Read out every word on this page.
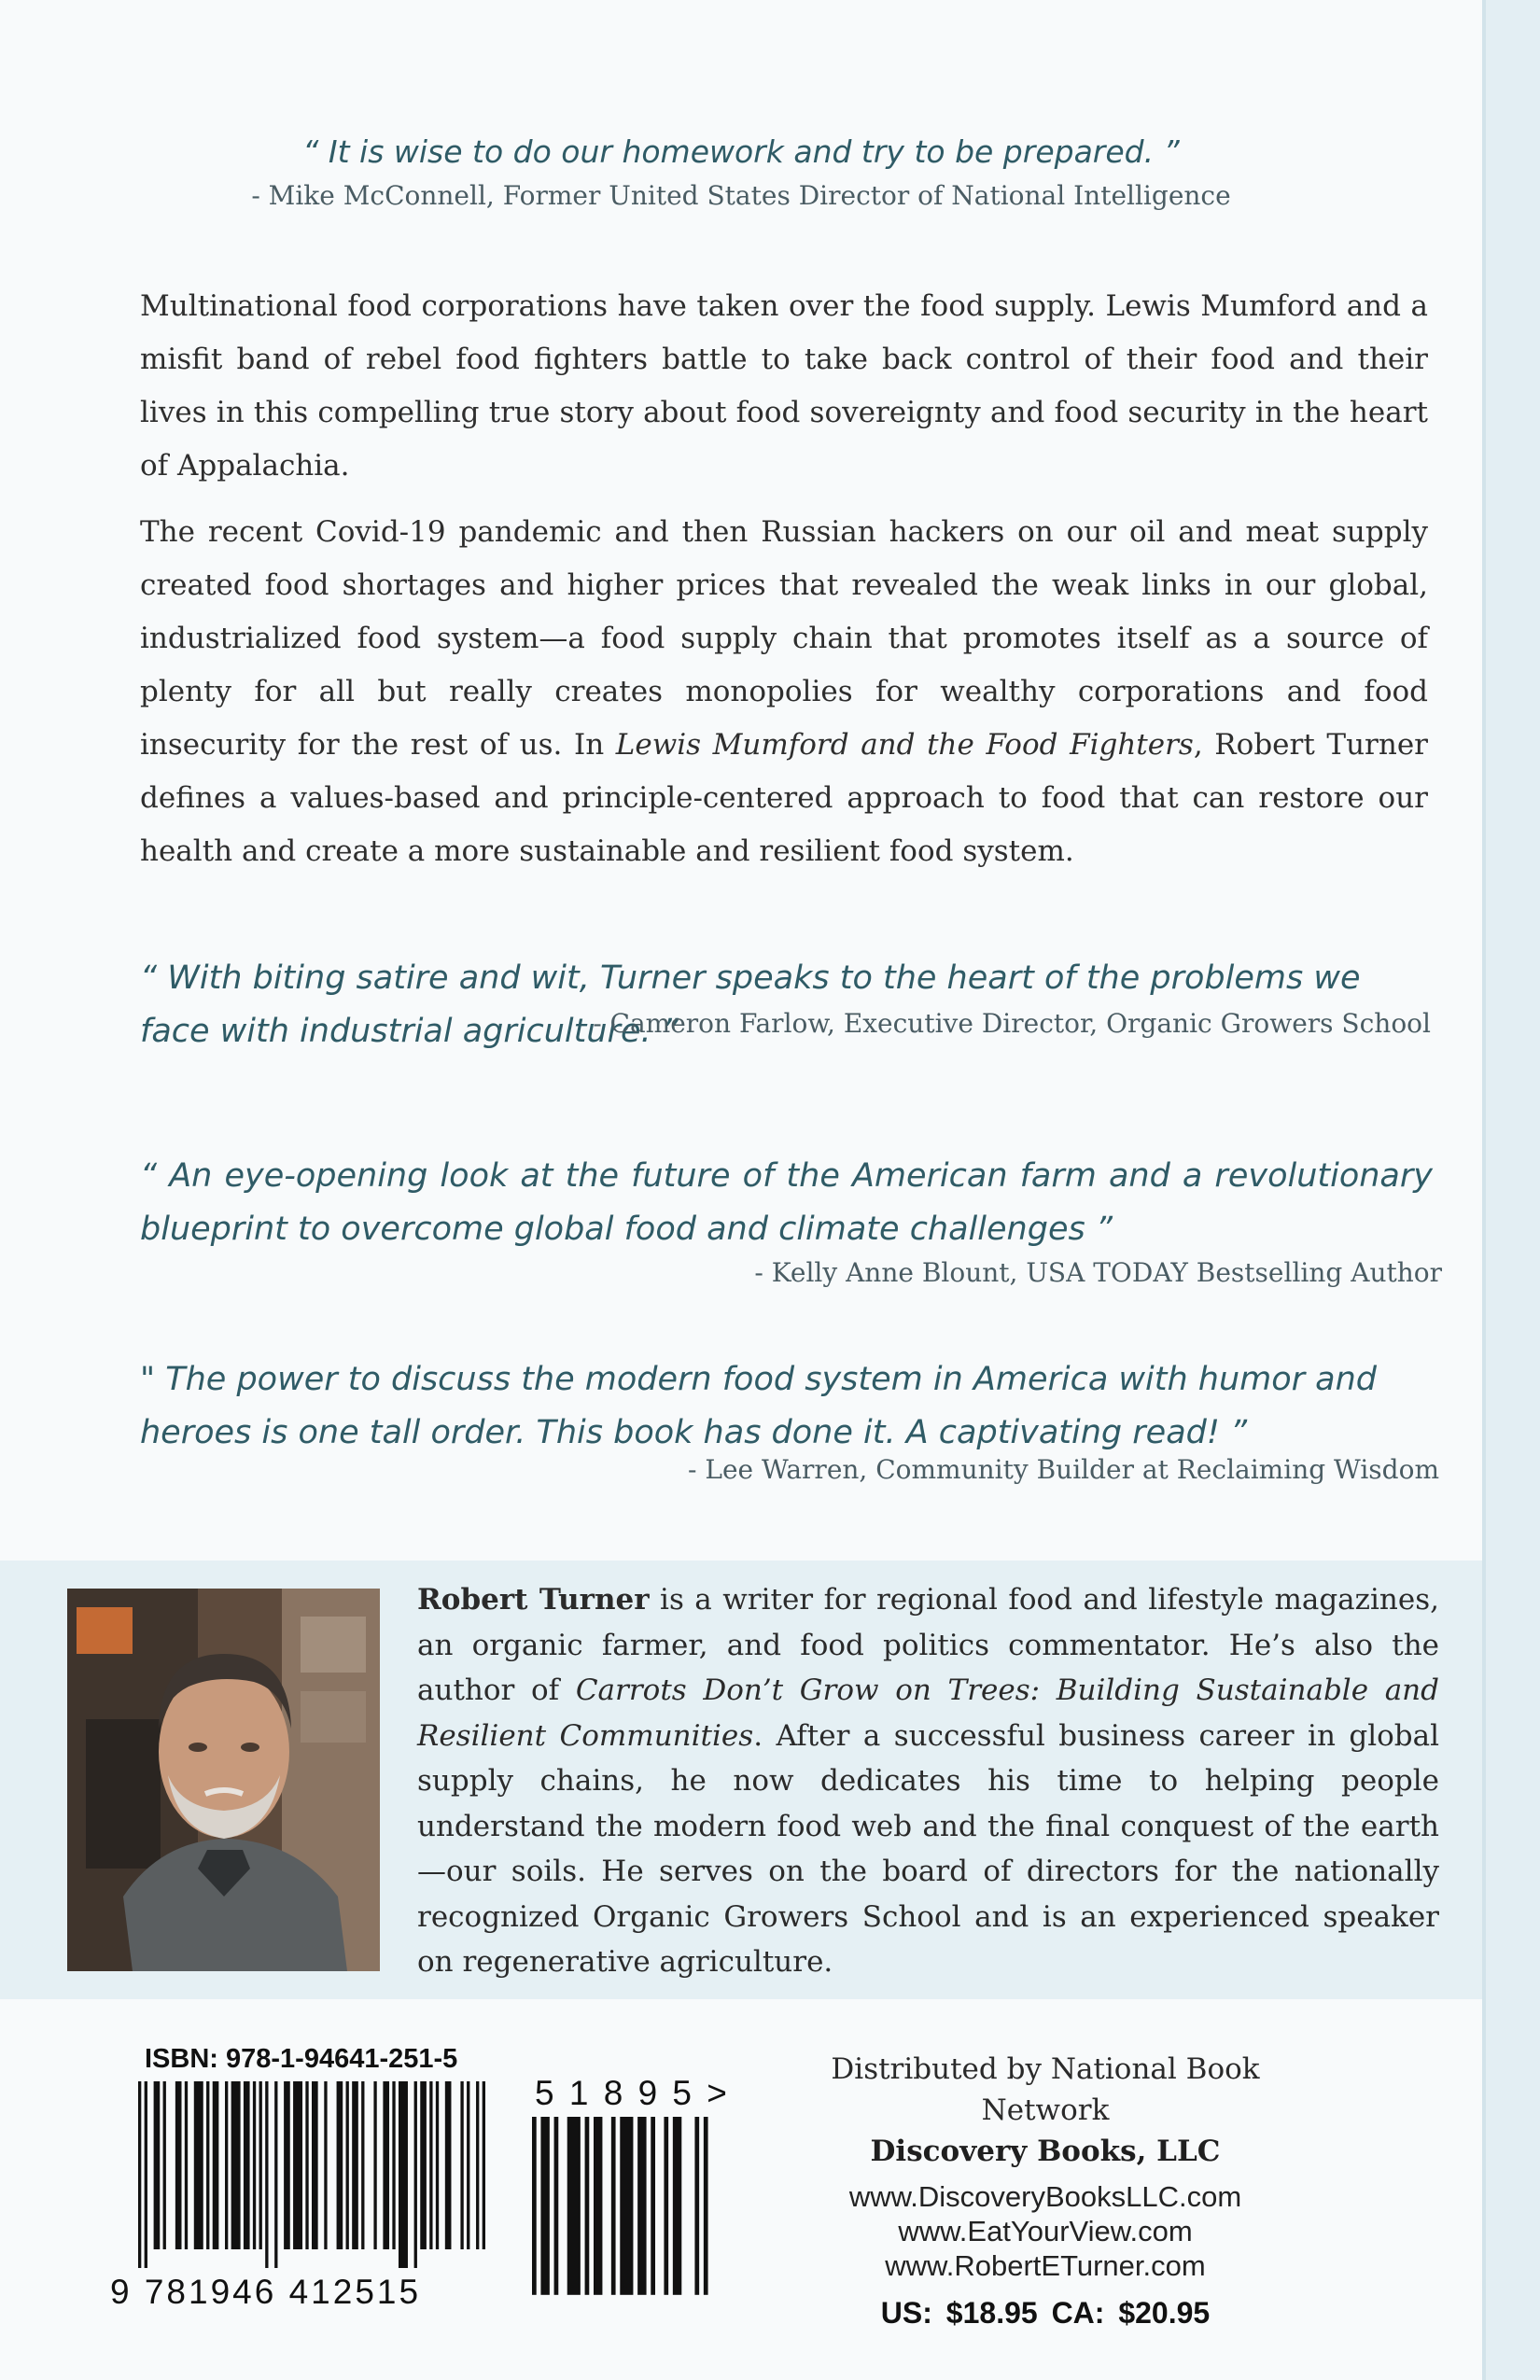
“ It is wise to do our homework and try to be prepared. ”
- Mike McConnell, Former United States Director of National Intelligence
Multinational food corporations have taken over the food supply. Lewis Mumford and a misfit band of rebel food fighters battle to take back control of their food and their lives in this compelling true story about food sovereignty and food security in the heart of Appalachia.
The recent Covid-19 pandemic and then Russian hackers on our oil and meat supply created food shortages and higher prices that revealed the weak links in our global, industrialized food system—a food supply chain that promotes itself as a source of plenty for all but really creates monopolies for wealthy corporations and food insecurity for the rest of us. In Lewis Mumford and the Food Fighters, Robert Turner defines a values-based and principle-centered approach to food that can restore our health and create a more sustainable and resilient food system.
“ With biting satire and wit, Turner speaks to the heart of the problems we face with industrial agriculture. ”
- Cameron Farlow, Executive Director, Organic Growers School
“ An eye-opening look at the future of the American farm and a revolutionary blueprint to overcome global food and climate challenges ”
- Kelly Anne Blount, USA TODAY Bestselling Author
" The power to discuss the modern food system in America with humor and heroes is one tall order. This book has done it. A captivating read! ”
- Lee Warren, Community Builder at Reclaiming Wisdom
Robert Turner is a writer for regional food and lifestyle magazines, an organic farmer, and food politics commentator. He’s also the author of Carrots Don’t Grow on Trees: Building Sustainable and Resilient Communities. After a successful business career in global supply chains, he now dedicates his time to helping people understand the modern food web and the final conquest of the earth—our soils. He serves on the board of directors for the nationally recognized Organic Growers School and is an experienced speaker on regenerative agriculture.
ISBN: 978-1-94641-251-5
9 781946 412515
5 1 8 9 5 >
Distributed by National Book Network
Discovery Books, LLC
www.DiscoveryBooksLLC.com
www.EatYourView.com
www.RobertETurner.com
US: $18.95 CA: $20.95
